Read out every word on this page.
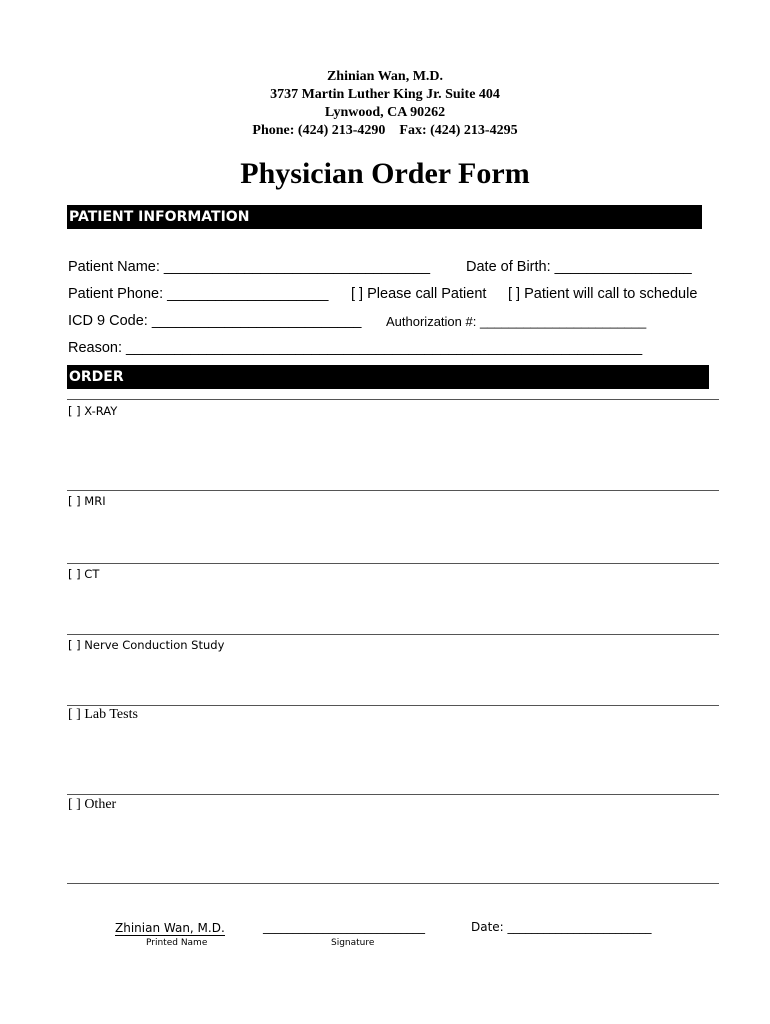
Zhinian Wan, M.D.
3737 Martin Luther King Jr. Suite 404
Lynwood, CA 90262
Phone: (424) 213-4290    Fax: (424) 213-4295
Physician Order Form
PATIENT INFORMATION
Patient Name: _________________________________ Date of Birth: _________________
Patient Phone: ____________________ [ ] Please call Patient [ ] Patient will call to schedule
ICD 9 Code: __________________________ Authorization #: _______________________
Reason: ________________________________________________________________
ORDER
[ ] X-RAY
[ ] MRI
[ ] CT
[ ] Nerve Conduction Study
[ ] Lab Tests
[ ] Other
Zhinian Wan, M.D.
Printed Name
___________________________
Signature
Date: ________________________
